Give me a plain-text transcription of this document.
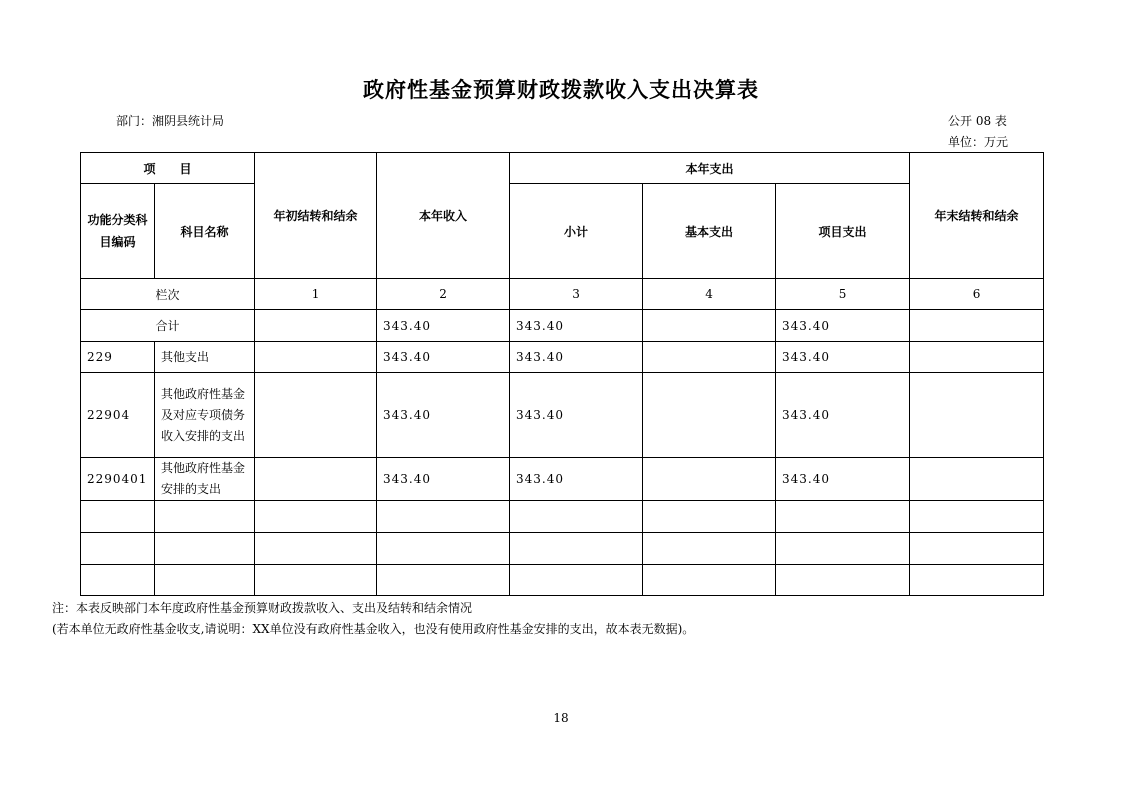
政府性基金预算财政拨款收入支出决算表
部门：湘阴县统计局	公开 08 表
单位：万元
项　　目		年初结转和结余	本年收入	本年支出			年末结转和结余
功能分类科目编码	科目名称			小计	基本支出	项目支出	
栏次		1	2	3	4	5	6
合计			343.40	343.40		343.40	
229	其他支出		343.40	343.40		343.40	
22904	其他政府性基金及对应专项债务收入安排的支出		343.40	343.40		343.40	
2290401	其他政府性基金安排的支出		343.40	343.40		343.40	

注：本表反映部门本年度政府性基金预算财政拨款收入、支出及结转和结余情况
(若本单位无政府性基金收支,请说明：XX单位没有政府性基金收入，也没有使用政府性基金安排的支出，故本表无数据)。
18
